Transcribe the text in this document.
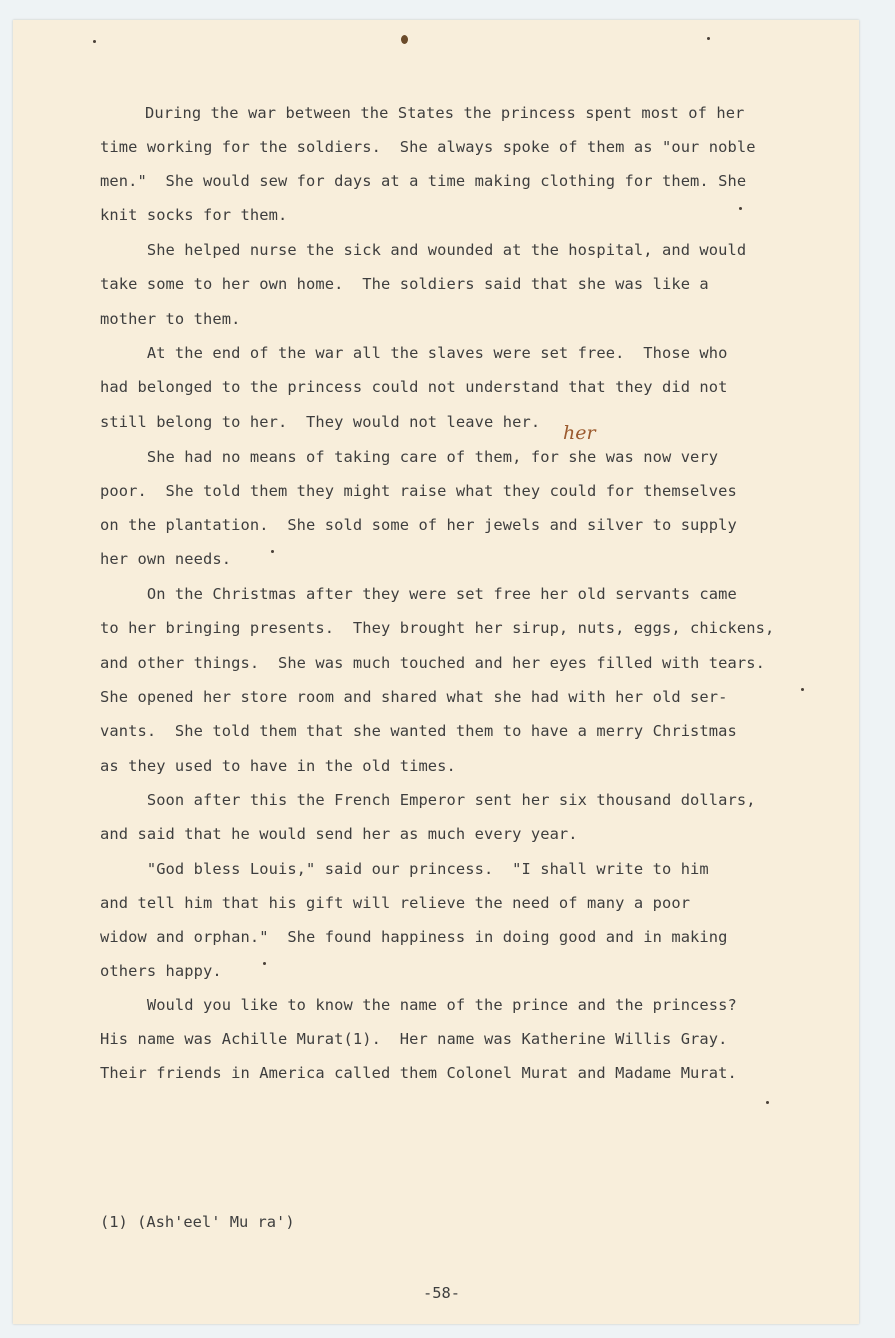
During the war between the States the princess spent most of her
time working for the soldiers.  She always spoke of them as "our noble
men."  She would sew for days at a time making clothing for them. She
knit socks for them.
She helped nurse the sick and wounded at the hospital, and would
take some to her own home.  The soldiers said that she was like a
mother to them.
At the end of the war all the slaves were set free.  Those who
had belonged to the princess could not understand that they did not
still belong to her.  They would not leave her.
She had no means of taking care of them, for she was now very
poor.  She told them they might raise what they could for themselves
on the plantation.  She sold some of her jewels and silver to supply
her own needs.
On the Christmas after they were set free her old servants came
to her bringing presents.  They brought her sirup, nuts, eggs, chickens,
and other things.  She was much touched and her eyes filled with tears.
She opened her store room and shared what she had with her old ser-
vants.  She told them that she wanted them to have a merry Christmas
as they used to have in the old times.
Soon after this the French Emperor sent her six thousand dollars,
and said that he would send her as much every year.
"God bless Louis," said our princess.  "I shall write to him
and tell him that his gift will relieve the need of many a poor
widow and orphan."  She found happiness in doing good and in making
others happy.
Would you like to know the name of the prince and the princess?
His name was Achille Murat(1).  Her name was Katherine Willis Gray.
Their friends in America called them Colonel Murat and Madame Murat.
her
(1) (Ash'eel' Mu ra')
-58-
